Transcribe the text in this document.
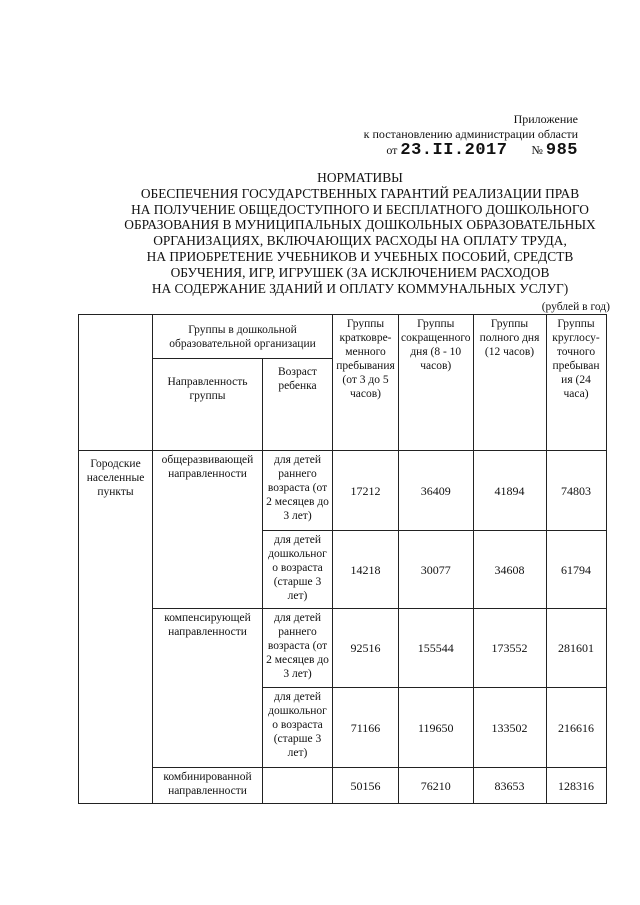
Приложение
к постановлению администрации области
от 23.II.2017 № 985
НОРМАТИВЫ
ОБЕСПЕЧЕНИЯ ГОСУДАРСТВЕННЫХ ГАРАНТИЙ РЕАЛИЗАЦИИ ПРАВ
НА ПОЛУЧЕНИЕ ОБЩЕДОСТУПНОГО И БЕСПЛАТНОГО ДОШКОЛЬНОГО
ОБРАЗОВАНИЯ В МУНИЦИПАЛЬНЫХ ДОШКОЛЬНЫХ ОБРАЗОВАТЕЛЬНЫХ
ОРГАНИЗАЦИЯХ, ВКЛЮЧАЮЩИХ РАСХОДЫ НА ОПЛАТУ ТРУДА,
НА ПРИОБРЕТЕНИЕ УЧЕБНИКОВ И УЧЕБНЫХ ПОСОБИЙ, СРЕДСТВ
ОБУЧЕНИЯ, ИГР, ИГРУШЕК (ЗА ИСКЛЮЧЕНИЕМ РАСХОДОВ
НА СОДЕРЖАНИЕ ЗДАНИЙ И ОПЛАТУ КОММУНАЛЬНЫХ УСЛУГ)
(рублей в год)
	Группы в дошкольной образовательной организации		Группы кратковре-менного пребывания (от 3 до 5 часов)	Группы сокращенного дня (8 - 10 часов)	Группы полного дня (12 часов)	Группы круглосу-точного пребыван ия (24 часа)
	Направленность группы	Возраст ребенка				
Городские населенные пункты	общеразвивающей направленности	для детей раннего возраста (от 2 месяцев до 3 лет)	17212	36409	41894	74803
		для детей дошкольног о возраста (старше 3 лет)	14218	30077	34608	61794
	компенсирующей направленности	для детей раннего возраста (от 2 месяцев до 3 лет)	92516	155544	173552	281601
		для детей дошкольног о возраста (старше 3 лет)	71166	119650	133502	216616
	комбинированной направленности		50156	76210	83653	128316
